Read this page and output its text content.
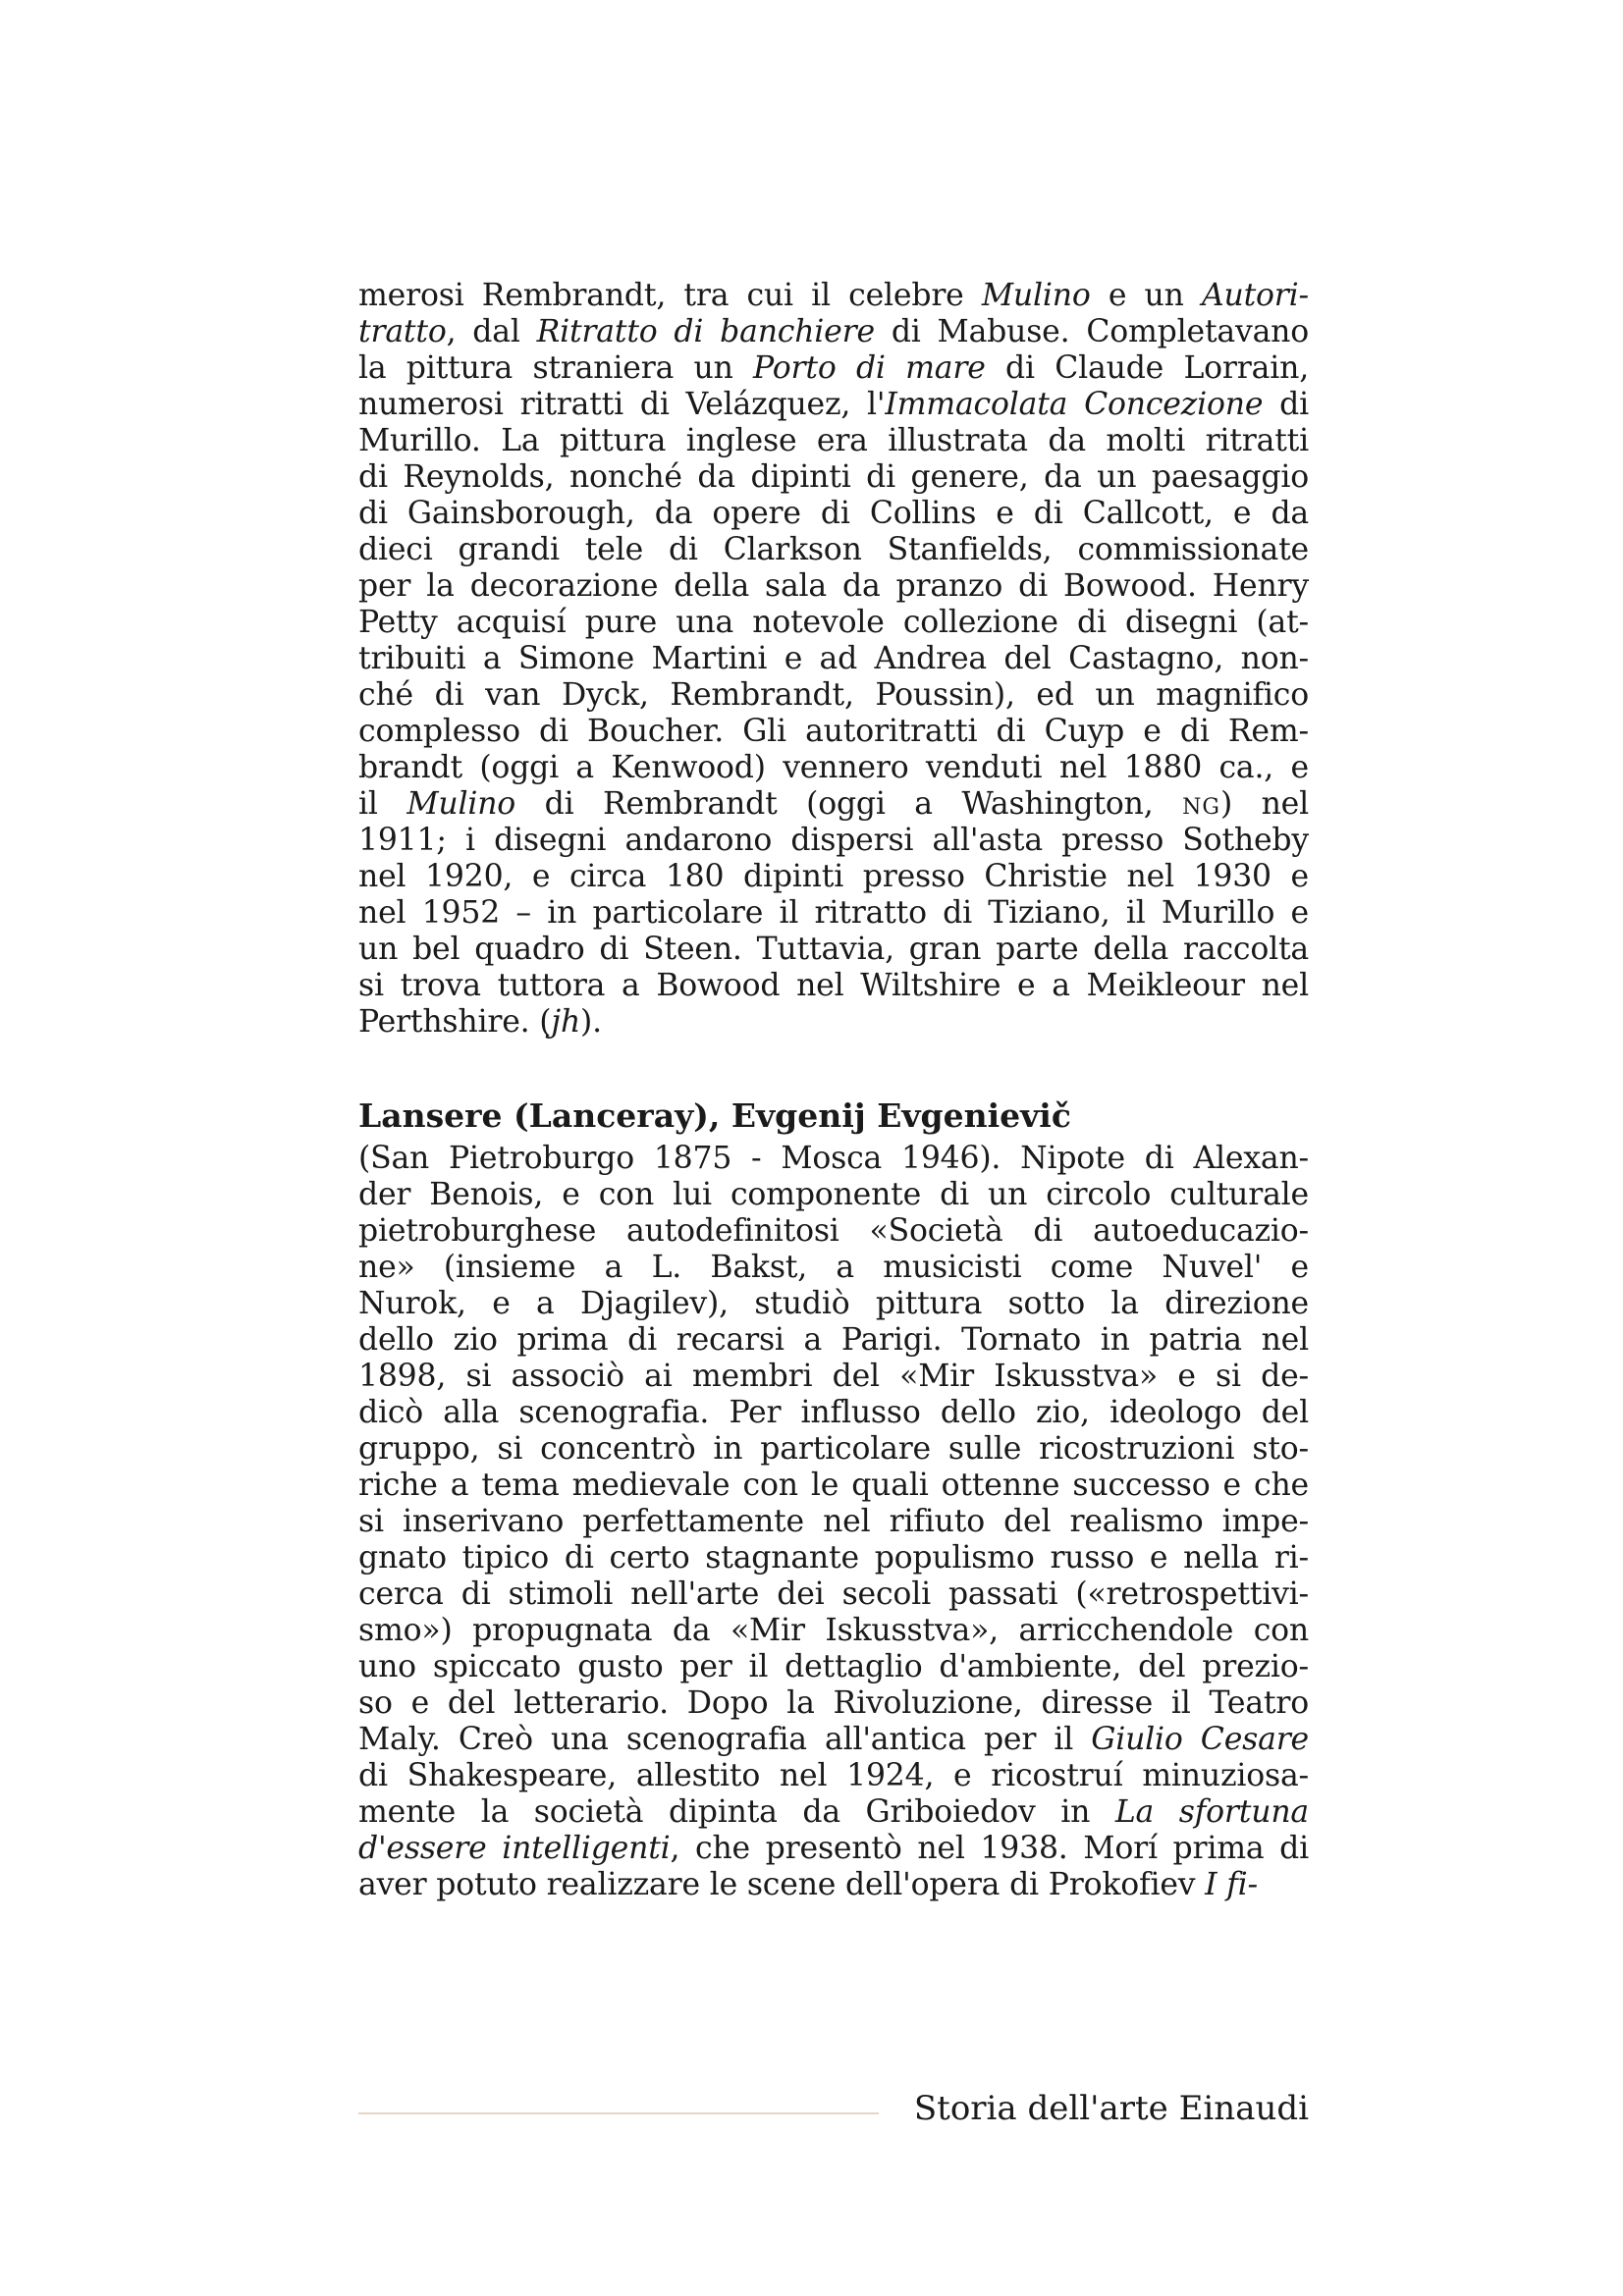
merosi Rembrandt, tra cui il celebre Mulino e un Autori-
tratto, dal Ritratto di banchiere di Mabuse. Completavano
la pittura straniera un Porto di mare di Claude Lorrain,
numerosi ritratti di Velázquez, l'Immacolata Concezione di
Murillo. La pittura inglese era illustrata da molti ritratti
di Reynolds, nonché da dipinti di genere, da un paesaggio
di Gainsborough, da opere di Collins e di Callcott, e da
dieci grandi tele di Clarkson Stanfields, commissionate
per la decorazione della sala da pranzo di Bowood. Henry
Petty acquisí pure una notevole collezione di disegni (at-
tribuiti a Simone Martini e ad Andrea del Castagno, non-
ché di van Dyck, Rembrandt, Poussin), ed un magnifico
complesso di Boucher. Gli autoritratti di Cuyp e di Rem-
brandt (oggi a Kenwood) vennero venduti nel 1880 ca., e
il Mulino di Rembrandt (oggi a Washington, NG) nel
1911; i disegni andarono dispersi all'asta presso Sotheby
nel 1920, e circa 180 dipinti presso Christie nel 1930 e
nel 1952 – in particolare il ritratto di Tiziano, il Murillo e
un bel quadro di Steen. Tuttavia, gran parte della raccolta
si trova tuttora a Bowood nel Wiltshire e a Meikleour nel
Perthshire. (jh).
Lansere (Lanceray), Evgenij Evgenievič
(San Pietroburgo 1875 - Mosca 1946). Nipote di Alexan-
der Benois, e con lui componente di un circolo culturale
pietroburghese autodefinitosi «Società di autoeducazio-
ne» (insieme a L. Bakst, a musicisti come Nuvel' e
Nurok, e a Djagilev), studiò pittura sotto la direzione
dello zio prima di recarsi a Parigi. Tornato in patria nel
1898, si associò ai membri del «Mir Iskusstva» e si de-
dicò alla scenografia. Per influsso dello zio, ideologo del
gruppo, si concentrò in particolare sulle ricostruzioni sto-
riche a tema medievale con le quali ottenne successo e che
si inserivano perfettamente nel rifiuto del realismo impe-
gnato tipico di certo stagnante populismo russo e nella ri-
cerca di stimoli nell'arte dei secoli passati («retrospettivi-
smo») propugnata da «Mir Iskusstva», arricchendole con
uno spiccato gusto per il dettaglio d'ambiente, del prezio-
so e del letterario. Dopo la Rivoluzione, diresse il Teatro
Maly. Creò una scenografia all'antica per il Giulio Cesare
di Shakespeare, allestito nel 1924, e ricostruí minuziosa-
mente la società dipinta da Griboiedov in La sfortuna
d'essere intelligenti, che presentò nel 1938. Morí prima di
aver potuto realizzare le scene dell'opera di Prokofiev I fi-
Storia dell'arte Einaudi
